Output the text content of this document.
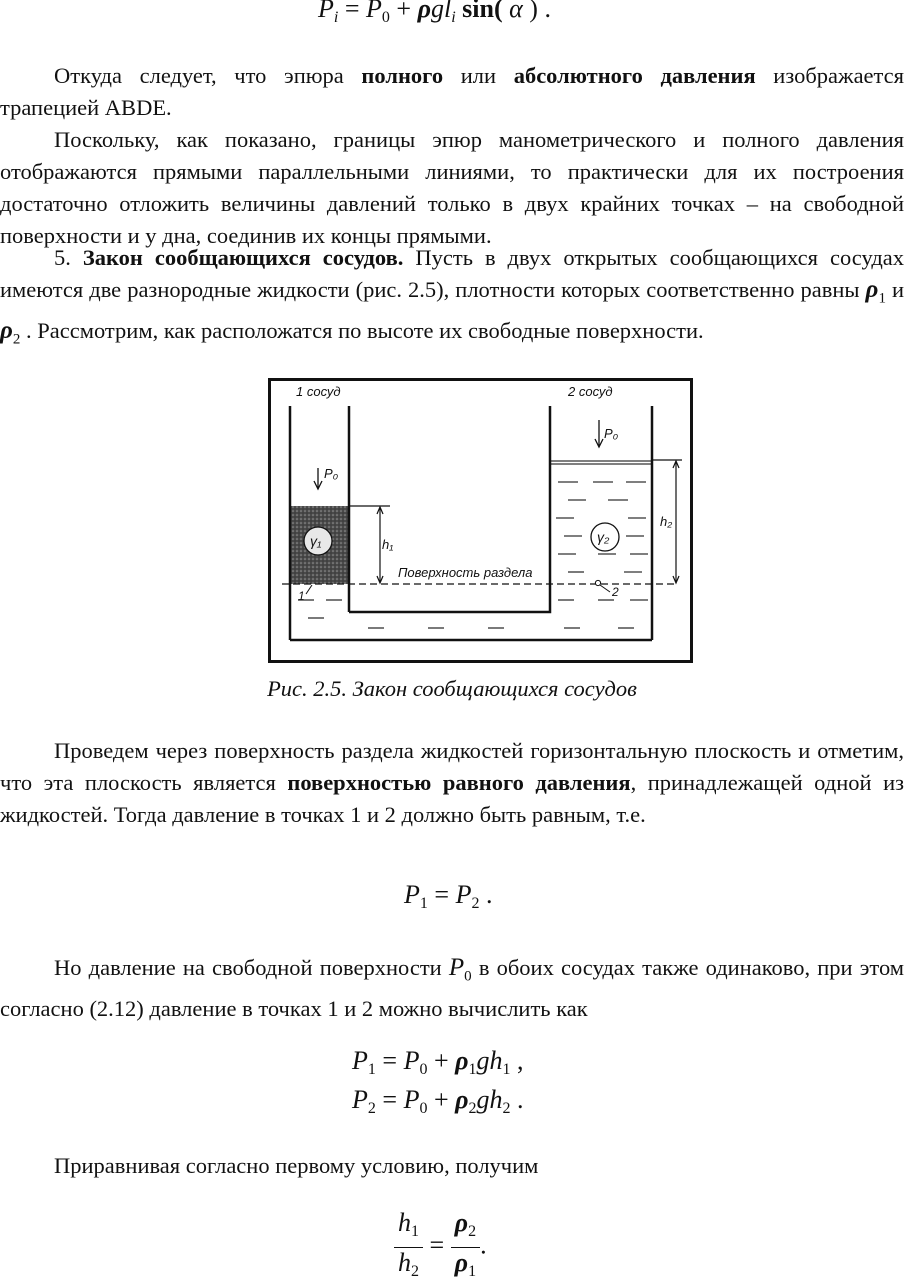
$P_i = P_0 + \rho gl_i$ sin( α ) .

Откуда следует, что эпюра полного или абсолютного давления изображается трапецией ABDE.

Поскольку, как показано, границы эпюр манометрического и полного давления отображаются прямыми параллельными линиями, то практически для их построения достаточно отложить величины давлений только в двух крайних точках – на свободной поверхности и у дна, соединив их концы прямыми.

5. Закон сообщающихся сосудов. Пусть в двух открытых сообщающихся сосудах имеются две разнородные жидкости (рис. 2.5), плотности которых соответственно равны $\rho_1$ и $\rho_2$ . Рассмотрим, как расположатся по высоте их свободные поверхности.

1 сосуд	2 сосуд
P₀
P₀
γ₁	γ₂
h₁
h₂
Поверхность раздела
1	2
Рис. 2.5. Закон сообщающихся сосудов

Проведем через поверхность раздела жидкостей горизонтальную плоскость и отметим, что эта плоскость является поверхностью равного давления, принадлежащей одной из жидкостей. Тогда давление в точках 1 и 2 должно быть равным, т.е.

$P_1 = P_2$ .

Но давление на свободной поверхности $P_0$ в обоих сосудах также одинаково, при этом согласно (2.12) давление в точках 1 и 2 можно вычислить как

$P_1 = P_0 + \rho_1gh_1$ ,
$P_2 = P_0 + \rho_2gh_2$ .

Приравнивая согласно первому условию, получим

$\frac{h_1}{h_2} = \frac{\rho_2}{\rho_1}$ .
